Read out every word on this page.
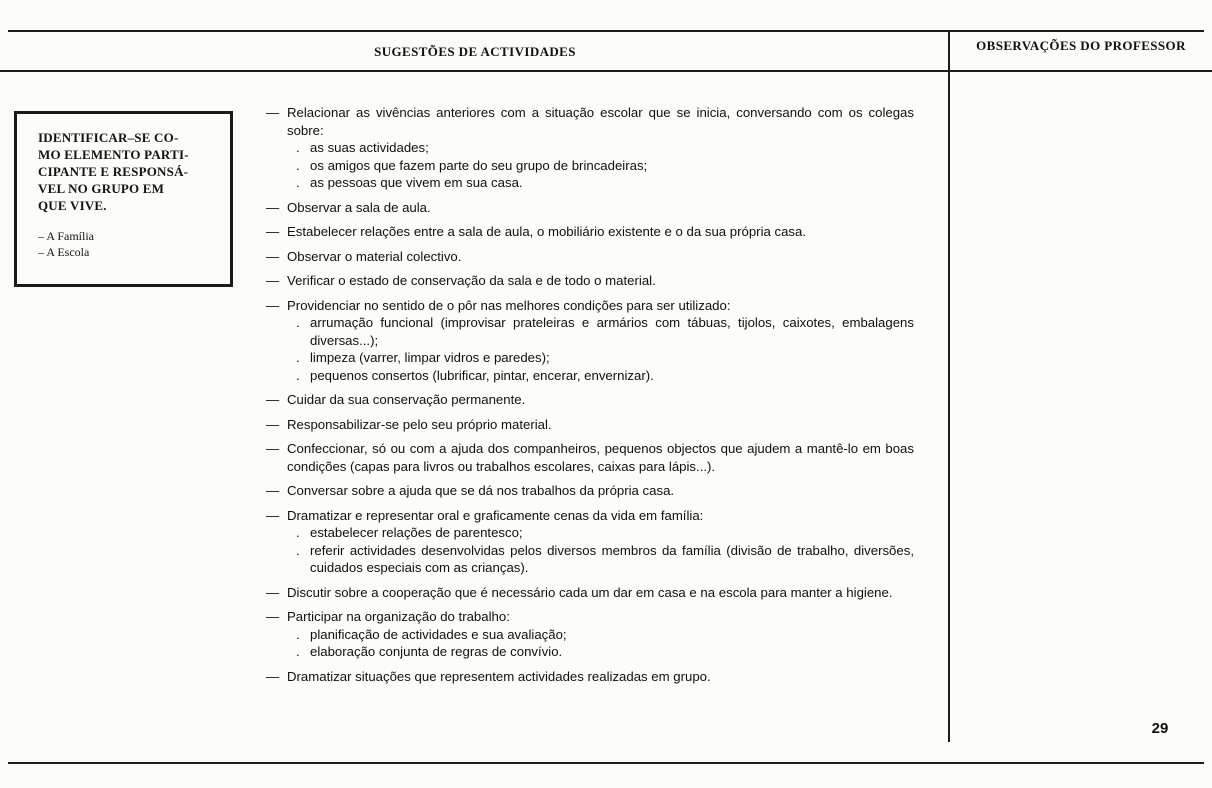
SUGESTÕES DE ACTIVIDADES	OBSERVAÇÕES DO PROFESSOR
IDENTIFICAR–SE CO-
MO ELEMENTO PARTI-
CIPANTE E RESPONSÁ-
VEL NO GRUPO EM
QUE VIVE.
– A Família
– A Escola
— Relacionar as vivências anteriores com a situação escolar que se inicia, conversando com os colegas sobre:
. as suas actividades;
. os amigos que fazem parte do seu grupo de brincadeiras;
. as pessoas que vivem em sua casa.
— Observar a sala de aula.
— Estabelecer relações entre a sala de aula, o mobiliário existente e o da sua própria casa.
— Observar o material colectivo.
— Verificar o estado de conservação da sala e de todo o material.
— Providenciar no sentido de o pôr nas melhores condições para ser utilizado:
. arrumação funcional (improvisar prateleiras e armários com tábuas, tijolos, caixotes, embalagens diversas...);
. limpeza (varrer, limpar vidros e paredes);
. pequenos consertos (lubrificar, pintar, encerar, envernizar).
— Cuidar da sua conservação permanente.
— Responsabilizar-se pelo seu próprio material.
— Confeccionar, só ou com a ajuda dos companheiros, pequenos objectos que ajudem a mantê-lo em boas condições (capas para livros ou trabalhos escolares, caixas para lápis...).
— Conversar sobre a ajuda que se dá nos trabalhos da própria casa.
— Dramatizar e representar oral e graficamente cenas da vida em família:
. estabelecer relações de parentesco;
. referir actividades desenvolvidas pelos diversos membros da família (divisão de trabalho, diversões, cuidados especiais com as crianças).
— Discutir sobre a cooperação que é necessário cada um dar em casa e na escola para manter a higiene.
— Participar na organização do trabalho:
. planificação de actividades e sua avaliação;
. elaboração conjunta de regras de convívio.
— Dramatizar situações que representem actividades realizadas em grupo.
29
